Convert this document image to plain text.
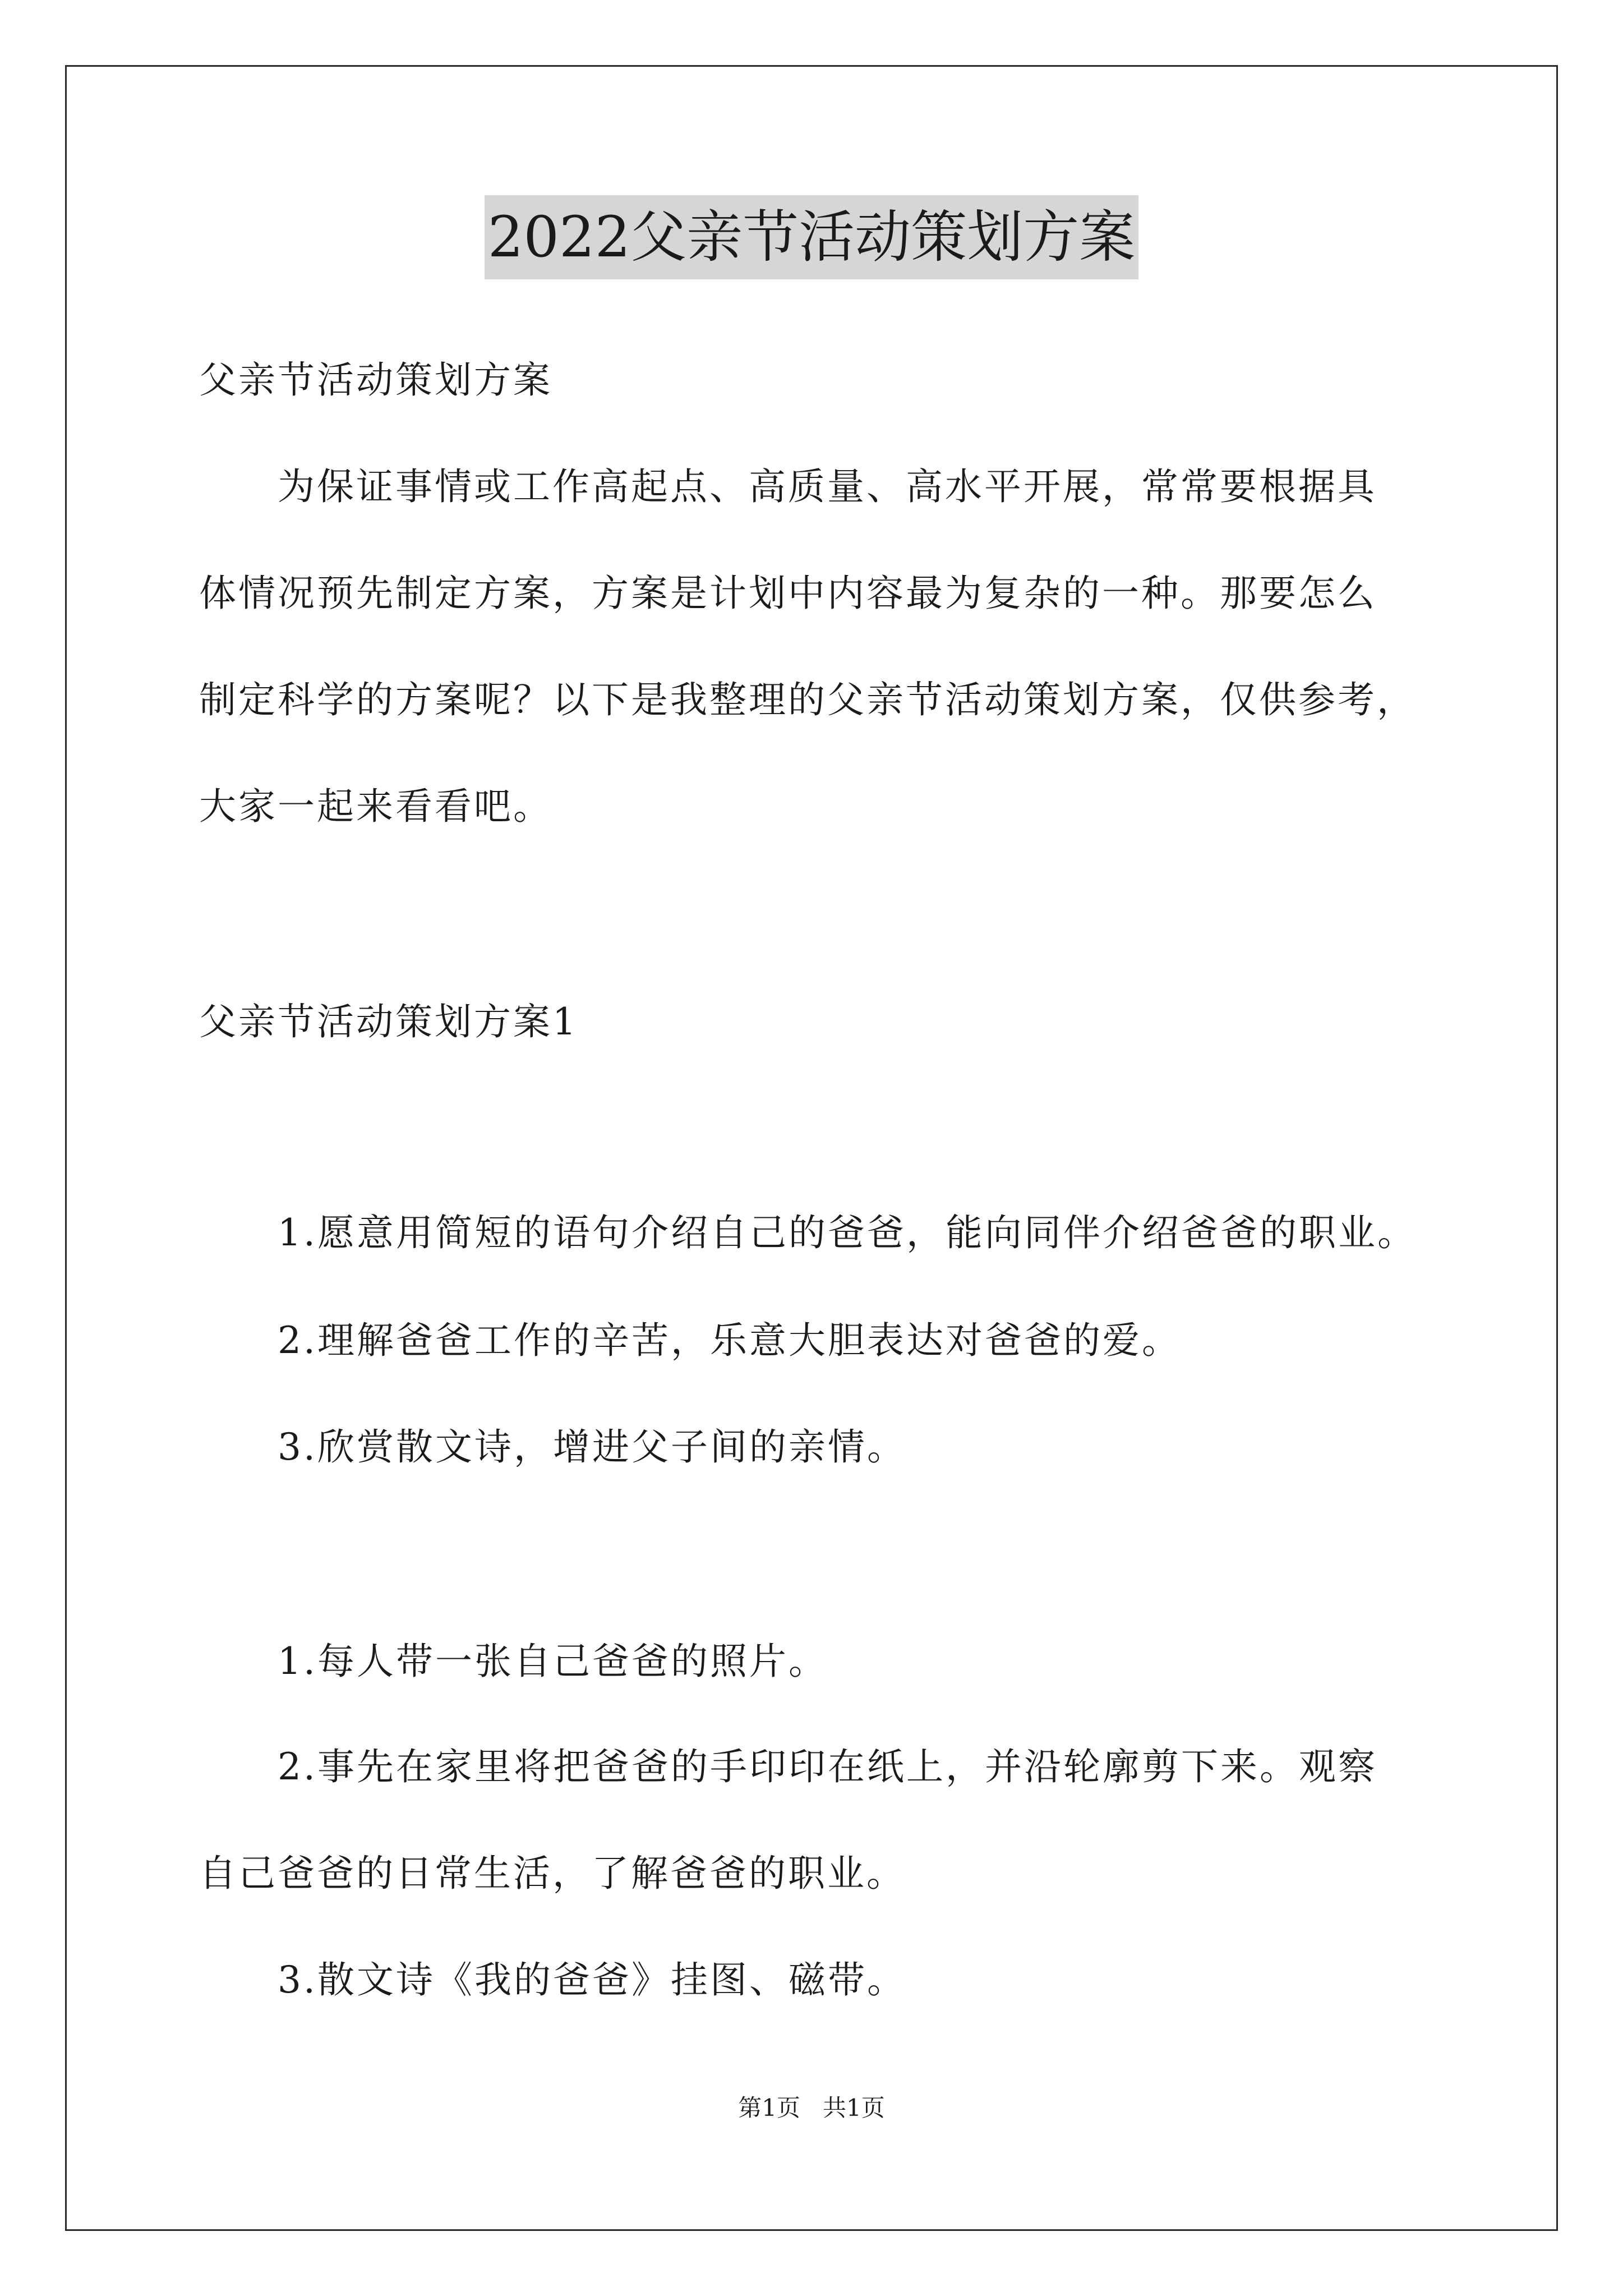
2022父亲节活动策划方案
父亲节活动策划方案
为保证事情或工作高起点、高质量、高水平开展，常常要根据具
体情况预先制定方案，方案是计划中内容最为复杂的一种。那要怎么
制定科学的方案呢？以下是我整理的父亲节活动策划方案，仅供参考，
大家一起来看看吧。
父亲节活动策划方案1
1.愿意用简短的语句介绍自己的爸爸，能向同伴介绍爸爸的职业。
2.理解爸爸工作的辛苦，乐意大胆表达对爸爸的爱。
3.欣赏散文诗，增进父子间的亲情。
1.每人带一张自己爸爸的照片。
2.事先在家里将把爸爸的手印印在纸上，并沿轮廓剪下来。观察
自己爸爸的日常生活，了解爸爸的职业。
3.散文诗《我的爸爸》挂图、磁带。
第1页   共1页
